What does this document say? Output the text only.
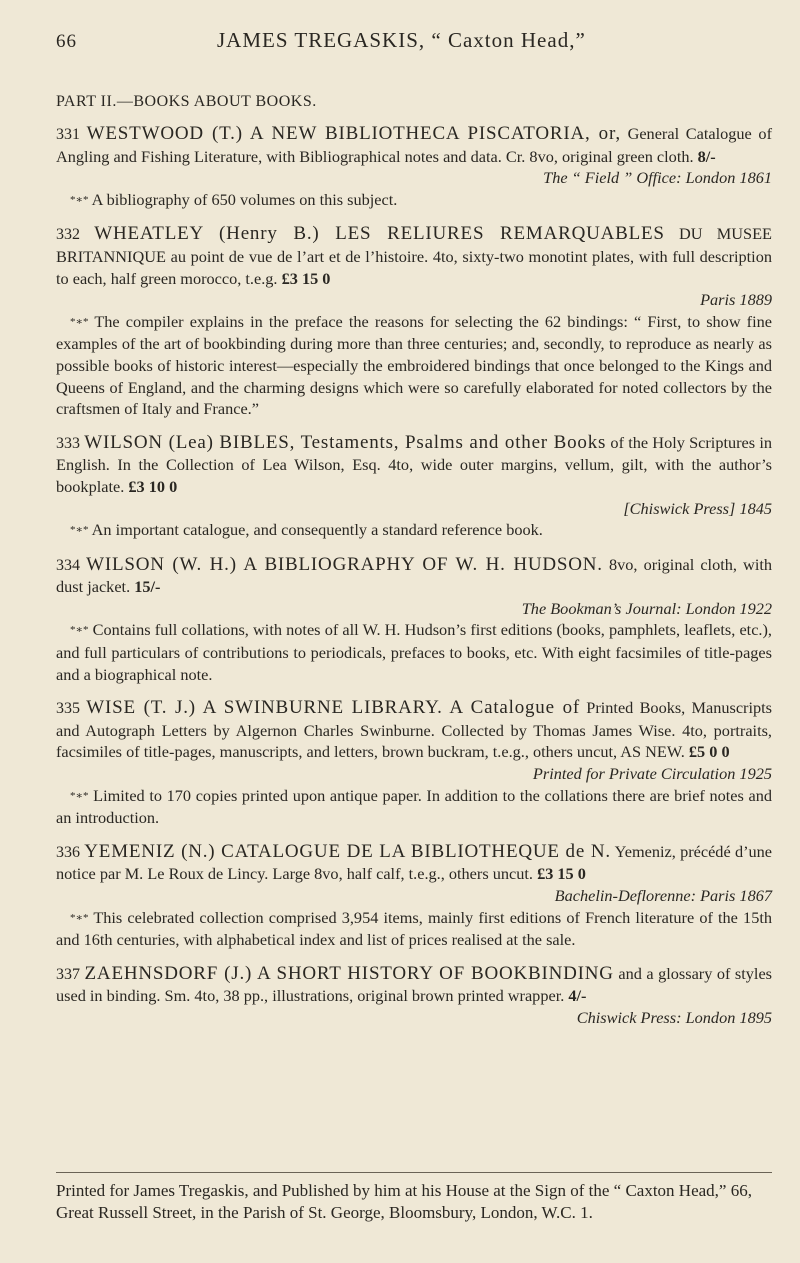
66	JAMES TREGASKIS, “ Caxton Head,”
PART II.—BOOKS ABOUT BOOKS.
331 WESTWOOD (T.) A NEW BIBLIOTHECA PISCATORIA, or, General Catalogue of Angling and Fishing Literature, with Bibliographical notes and data. Cr. 8vo, original green cloth. 8/-
The “ Field ” Office: London 1861
*∗* A bibliography of 650 volumes on this subject.
332 WHEATLEY (Henry B.) LES RELIURES REMARQUABLES DU MUSEE BRITANNIQUE au point de vue de l’art et de l’histoire. 4to, sixty-two monotint plates, with full description to each, half green morocco, t.e.g. £3 15 0
Paris 1889
*∗* The compiler explains in the preface the reasons for selecting the 62 bindings: “ First, to show fine examples of the art of bookbinding during more than three centuries; and, secondly, to reproduce as nearly as possible books of historic interest—especially the embroidered bindings that once belonged to the Kings and Queens of England, and the charming designs which were so carefully elaborated for noted collectors by the craftsmen of Italy and France.”
333 WILSON (Lea) BIBLES, Testaments, Psalms and other Books of the Holy Scriptures in English. In the Collection of Lea Wilson, Esq. 4to, wide outer margins, vellum, gilt, with the author’s bookplate. £3 10 0
[Chiswick Press] 1845
*∗* An important catalogue, and consequently a standard reference book.
334 WILSON (W. H.) A BIBLIOGRAPHY OF W. H. HUDSON. 8vo, original cloth, with dust jacket. 15/-
The Bookman’s Journal: London 1922
*∗* Contains full collations, with notes of all W. H. Hudson’s first editions (books, pamphlets, leaflets, etc.), and full particulars of contributions to periodicals, prefaces to books, etc. With eight facsimiles of title-pages and a biographical note.
335 WISE (T. J.) A SWINBURNE LIBRARY. A Catalogue of Printed Books, Manuscripts and Autograph Letters by Algernon Charles Swinburne. Collected by Thomas James Wise. 4to, portraits, facsimiles of title-pages, manuscripts, and letters, brown buckram, t.e.g., others uncut, AS NEW. £5 0 0
Printed for Private Circulation 1925
*∗* Limited to 170 copies printed upon antique paper. In addition to the collations there are brief notes and an introduction.
336 YEMENIZ (N.) CATALOGUE DE LA BIBLIOTHEQUE de N. Yemeniz, précédé d’une notice par M. Le Roux de Lincy. Large 8vo, half calf, t.e.g., others uncut. £3 15 0
Bachelin-Deflorenne: Paris 1867
*∗* This celebrated collection comprised 3,954 items, mainly first editions of French literature of the 15th and 16th centuries, with alphabetical index and list of prices realised at the sale.
337 ZAEHNSDORF (J.) A SHORT HISTORY OF BOOKBINDING and a glossary of styles used in binding. Sm. 4to, 38 pp., illustrations, original brown printed wrapper. 4/-
Chiswick Press: London 1895
Printed for James Tregaskis, and Published by him at his House at the Sign of the “ Caxton Head,” 66, Great Russell Street, in the Parish of St. George, Bloomsbury, London, W.C. 1.
